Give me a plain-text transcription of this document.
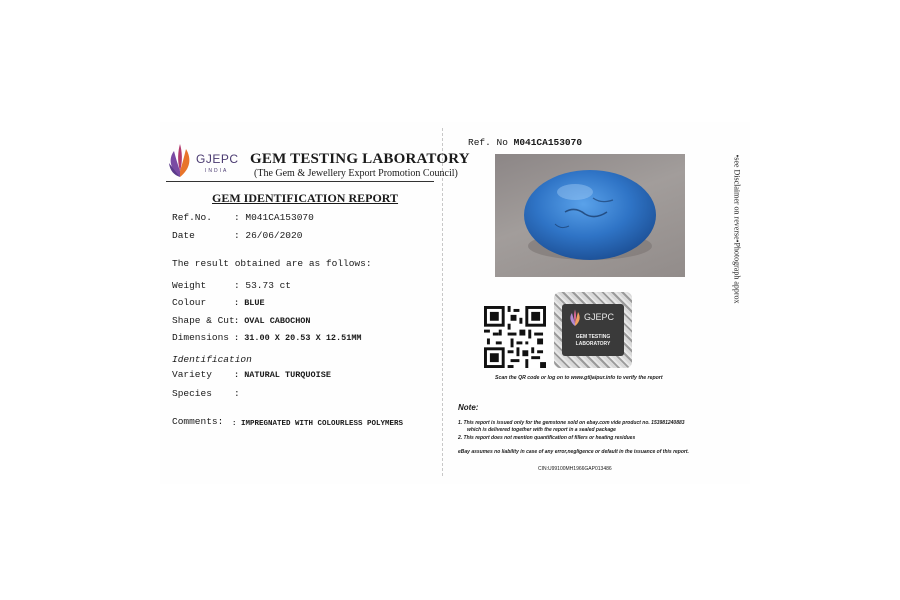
GJEPC
INDIA
GEM TESTING LABORATORY
(The Gem & Jewellery Export Promotion Council)
GEM IDENTIFICATION REPORT
Ref.No. : M041CA153070
Date	: 26/06/2020
The result obtained are as follows:
Weight	: 53.73 ct
Colour	: BLUE
Shape & Cut : OVAL CABOCHON
Dimensions : 31.00 X 20.53 X 12.51MM
Identification
Variety	: NATURAL TURQUOISE
Species :
Comments: : IMPREGNATED WITH COLOURLESS POLYMERS
Ref. No M041CA153070
GJEPC
GEM TESTING LABORATORY
Scan the QR code or log on to www.gtljaipur.info to verify the report
Note:
1. This report is issued only for the gemstone sold on ebay.com vide product no. 153981240883
which is delivered together with the report in a sealed package
2. This report does not mention quantification of fillers or heating residues
eBay assumes no liability in case of any error,negligence or default in the issuance of this report.
CIN:U99100MH1966GAP013486
•see Disclaimer on reverse•Photograph approx
